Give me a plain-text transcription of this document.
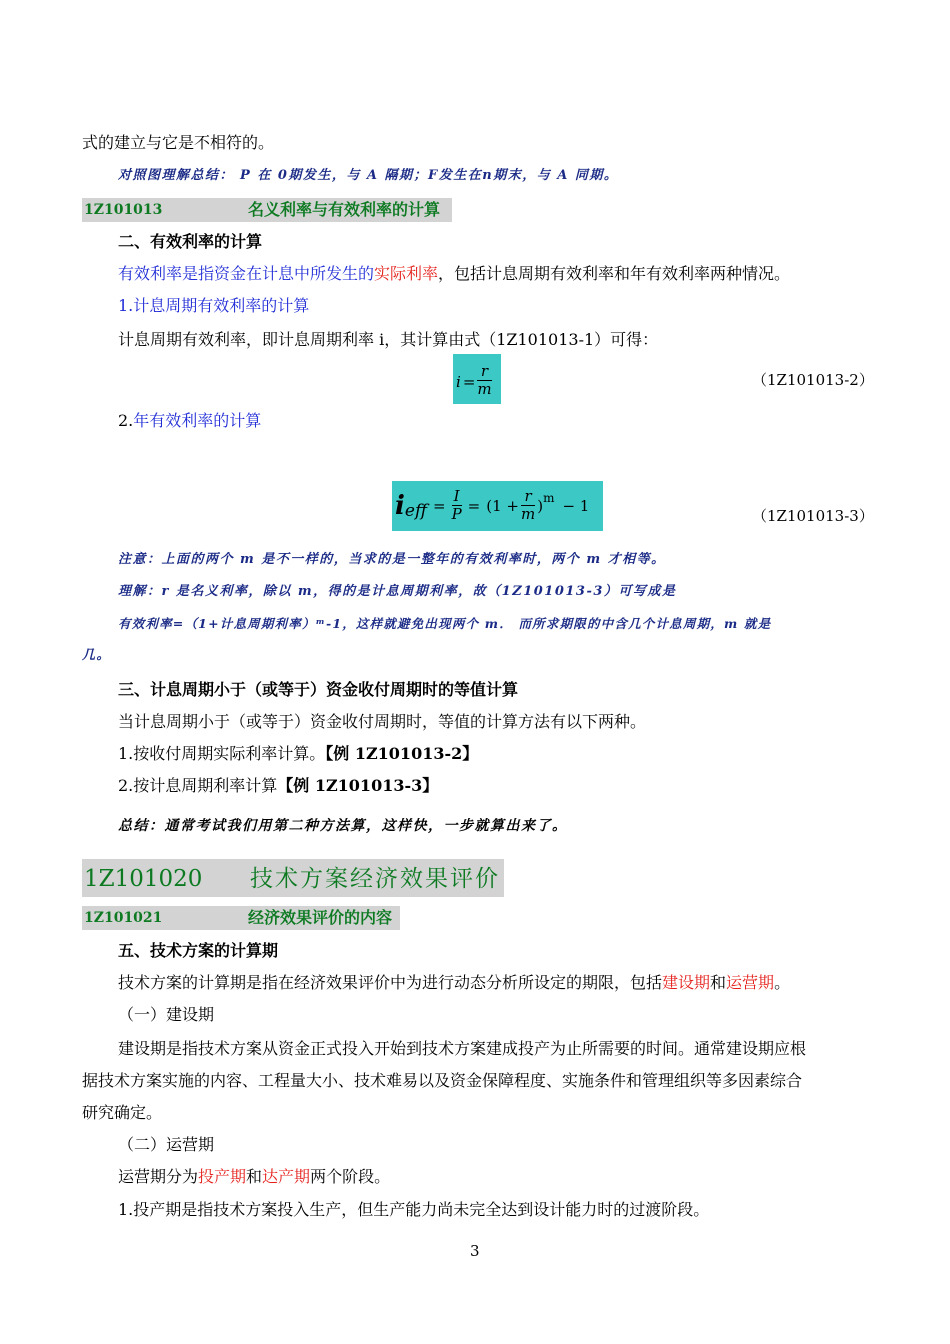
式的建立与它是不相符的。
对照图理解总结： P 在 0期发生，与 A 隔期；F发生在n期末，与 A 同期。
1Z101013	名义利率与有效利率的计算
二、有效利率的计算
有效利率是指资金在计息中所发生的实际利率，包括计息周期有效利率和年有效利率两种情况。
1.计息周期有效利率的计算
计息周期有效利率，即计息周期利率 i，其计算由式（1Z101013-1）可得：
$i = \frac{r}{m}$	（1Z101013-2）
2.年有效利率的计算
i eff = $\frac{I}{P} = (1 + \frac{r}{m}$ ) m − 1
（1Z101013-3）
注意：上面的两个 m 是不一样的，当求的是一整年的有效利率时，两个 m 才相等。
理解：r 是名义利率，除以 m，得的是计息周期利率，故（1Z101013-3）可写成是
有效利率=（1+计息周期利率）ᵐ-1，这样就避免出现两个 m． 而所求期限的中含几个计息周期，m 就是
几。
三、计息周期小于（或等于）资金收付周期时的等值计算
当计息周期小于（或等于）资金收付周期时，等值的计算方法有以下两种。
1.按收付周期实际利率计算。【例 1Z101013-2】
2.按计息周期利率计算【例 1Z101013-3】
总结：通常考试我们用第二种方法算，这样快，一步就算出来了。
1Z101020 技术方案经济效果评价
1Z101021	经济效果评价的内容
五、技术方案的计算期
技术方案的计算期是指在经济效果评价中为进行动态分析所设定的期限，包括建设期和运营期。
（一）建设期
建设期是指技术方案从资金正式投入开始到技术方案建成投产为止所需要的时间。通常建设期应根
据技术方案实施的内容、工程量大小、技术难易以及资金保障程度、实施条件和管理组织等多因素综合
研究确定。
（二）运营期
运营期分为投产期和达产期两个阶段。
1.投产期是指技术方案投入生产，但生产能力尚未完全达到设计能力时的过渡阶段。
3
